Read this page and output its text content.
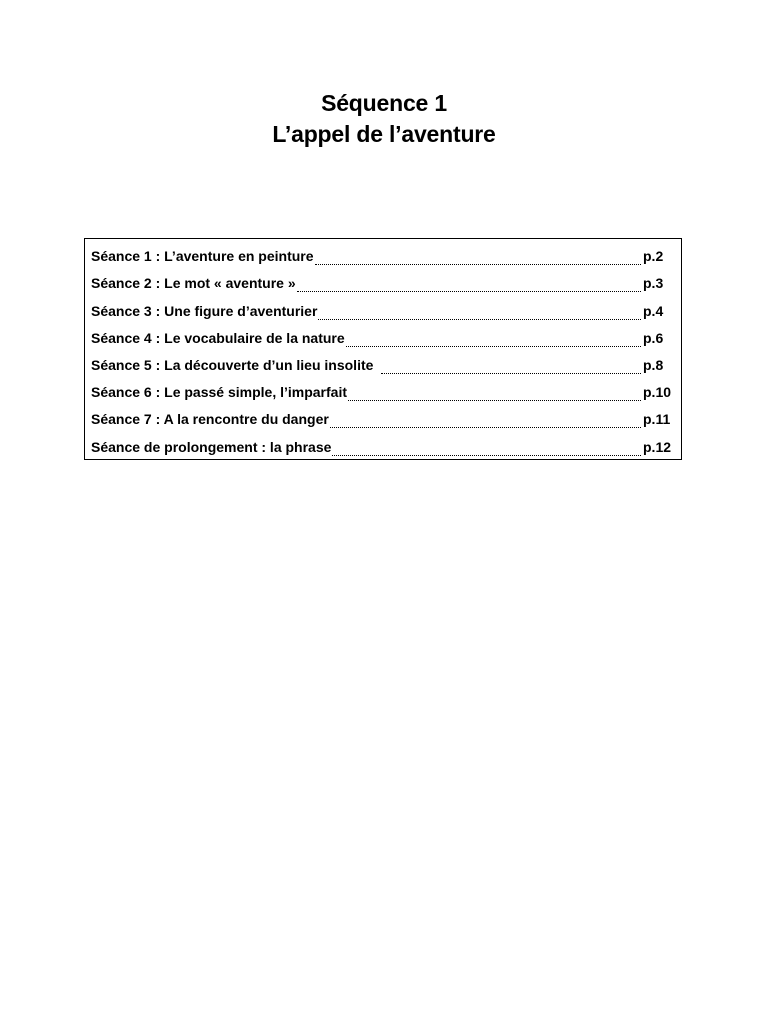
Séquence 1
L’appel de l’aventure
Séance 1 : L’aventure en peinture	p.2
Séance 2 : Le mot « aventure »	p.3
Séance 3 : Une figure d’aventurier	p.4
Séance 4 : Le vocabulaire de la nature	p.6
Séance 5 : La découverte d’un lieu insolite	p.8
Séance 6 : Le passé simple, l’imparfait	p.10
Séance 7 : A la rencontre du danger	p.11
Séance de prolongement : la phrase	p.12
